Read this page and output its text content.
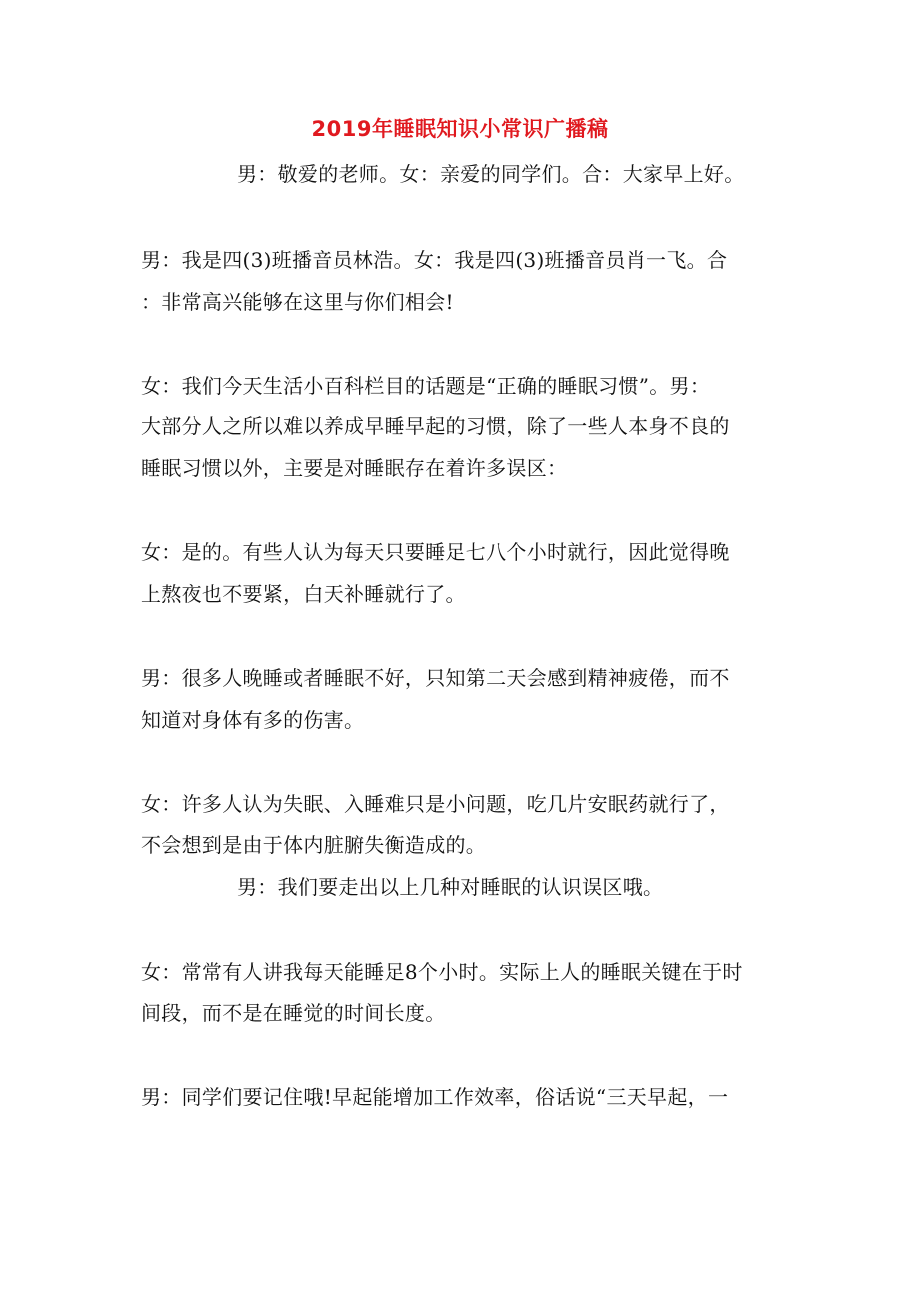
2019年睡眠知识小常识广播稿
男：敬爱的老师。女：亲爱的同学们。合：大家早上好。
男：我是四(3)班播音员林浩。女：我是四(3)班播音员肖一飞。合
：非常高兴能够在这里与你们相会!
女：我们今天生活小百科栏目的话题是“正确的睡眠习惯”。男：
大部分人之所以难以养成早睡早起的习惯，除了一些人本身不良的
睡眠习惯以外，主要是对睡眠存在着许多误区：
女：是的。有些人认为每天只要睡足七八个小时就行，因此觉得晚
上熬夜也不要紧，白天补睡就行了。
男：很多人晚睡或者睡眠不好，只知第二天会感到精神疲倦，而不
知道对身体有多的伤害。
女：许多人认为失眠、入睡难只是小问题，吃几片安眠药就行了，
不会想到是由于体内脏腑失衡造成的。
男：我们要走出以上几种对睡眠的认识误区哦。
女：常常有人讲我每天能睡足8个小时。实际上人的睡眠关键在于时
间段，而不是在睡觉的时间长度。
男：同学们要记住哦!早起能增加工作效率，俗话说“三天早起，一
